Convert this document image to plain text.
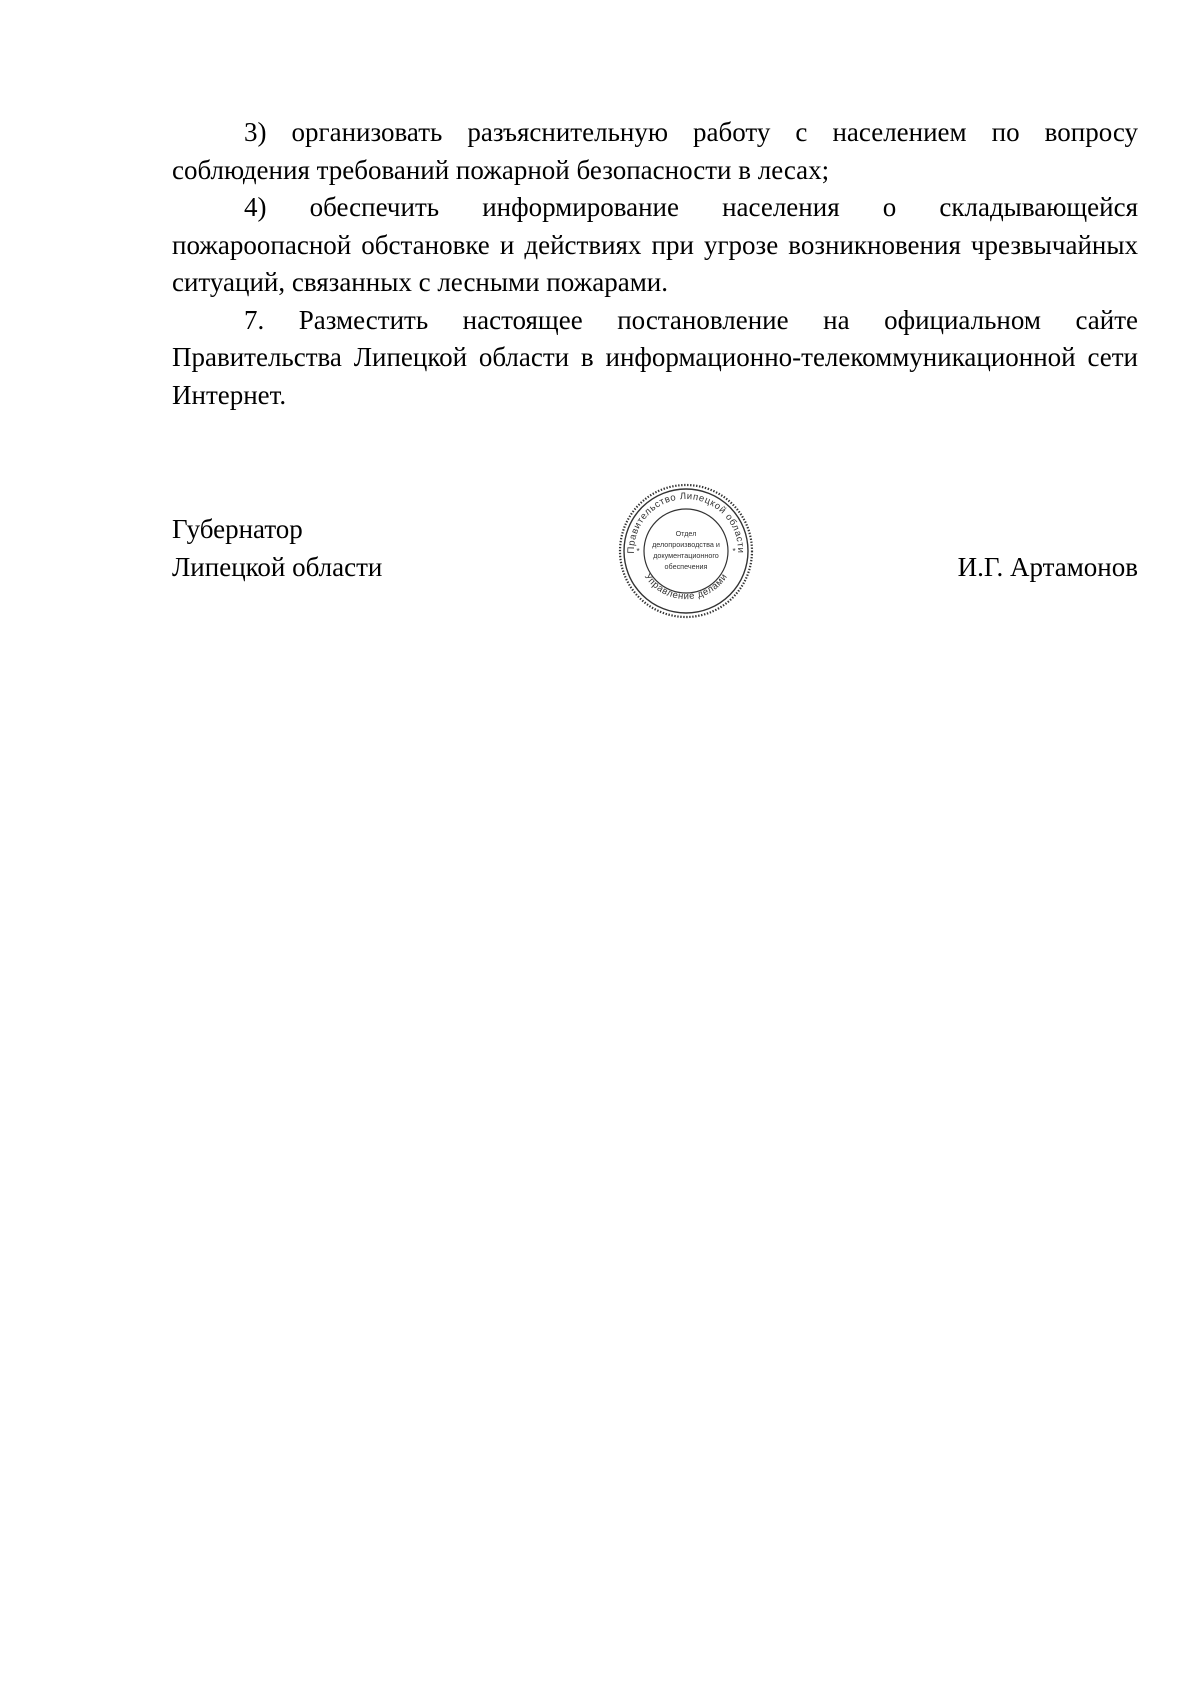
3) организовать разъяснительную работу с населением по вопросу соблюдения требований пожарной безопасности в лесах;

4) обеспечить информирование населения о складывающейся пожароопасной обстановке и действиях при угрозе возникновения чрезвычайных ситуаций, связанных с лесными пожарами.

7. Разместить настоящее постановление на официальном сайте Правительства Липецкой области в информационно-телекоммуникационной сети Интернет.

Губернатор
Липецкой области	И.Г. Артамонов
Правительство Липецкой области
Управление делами
*	*
Отдел
делопроизводства и
документационного
обеспечения
